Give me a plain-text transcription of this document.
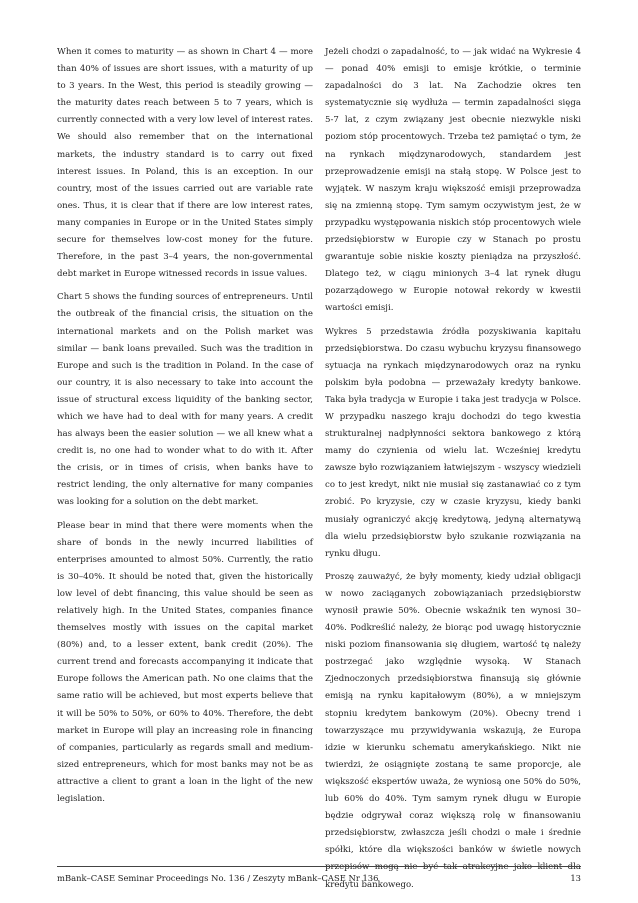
When it comes to maturity — as shown in Chart 4 — more than 40% of issues are short issues, with a maturity of up to 3 years. In the West, this period is steadily growing — the maturity dates reach between 5 to 7 years, which is currently connected with a very low level of interest rates. We should also remember that on the international markets, the industry standard is to carry out fixed interest issues. In Poland, this is an exception. In our country, most of the issues carried out are variable rate ones. Thus, it is clear that if there are low interest rates, many companies in Europe or in the United States simply secure for themselves low-cost money for the future. Therefore, in the past 3–4 years, the non-governmental debt market in Europe witnessed records in issue values.

Chart 5 shows the funding sources of entrepreneurs. Until the outbreak of the financial crisis, the situation on the international markets and on the Polish market was similar — bank loans prevailed. Such was the tradition in Europe and such is the tradition in Poland. In the case of our country, it is also necessary to take into account the issue of structural excess liquidity of the banking sector, which we have had to deal with for many years. A credit has always been the easier solution — we all knew what a credit is, no one had to wonder what to do with it. After the crisis, or in times of crisis, when banks have to restrict lending, the only alternative for many companies was looking for a solution on the debt market.

Please bear in mind that there were moments when the share of bonds in the newly incurred liabilities of enterprises amounted to almost 50%. Currently, the ratio is 30–40%. It should be noted that, given the historically low level of debt financing, this value should be seen as relatively high. In the United States, companies finance themselves mostly with issues on the capital market (80%) and, to a lesser extent, bank credit (20%). The current trend and forecasts accompanying it indicate that Europe follows the American path. No one claims that the same ratio will be achieved, but most experts believe that it will be 50% to 50%, or 60% to 40%. Therefore, the debt market in Europe will play an increasing role in financing of companies, particularly as regards small and medium-sized entrepreneurs, which for most banks may not be as attractive a client to grant a loan in the light of the new legislation.

Jeżeli chodzi o zapadalność, to — jak widać na Wykresie 4 — ponad 40% emisji to emisje krótkie, o terminie zapadalności do 3 lat. Na Zachodzie okres ten systematycznie się wydłuża — termin zapadalności sięga 5-7 lat, z czym związany jest obecnie niezwykle niski poziom stóp procentowych. Trzeba też pamiętać o tym, że na rynkach międzynarodowych, standardem jest przeprowadzenie emisji na stałą stopę. W Polsce jest to wyjątek. W naszym kraju większość emisji przeprowadza się na zmienną stopę. Tym samym oczywistym jest, że w przypadku występowania niskich stóp procentowych wiele przedsiębiorstw w Europie czy w Stanach po prostu gwarantuje sobie niskie koszty pieniądza na przyszłość. Dlatego też, w ciągu minionych 3–4 lat rynek długu pozarządowego w Europie notował rekordy w kwestii wartości emisji.

Wykres 5 przedstawia źródła pozyskiwania kapitału przedsiębiorstwa. Do czasu wybuchu kryzysu finansowego sytuacja na rynkach międzynarodowych oraz na rynku polskim była podobna — przeważały kredyty bankowe. Taka była tradycja w Europie i taka jest tradycja w Polsce. W przypadku naszego kraju dochodzi do tego kwestia strukturalnej nadpłynności sektora bankowego z którą mamy do czynienia od wielu lat. Wcześniej kredytu zawsze było rozwiązaniem łatwiejszym - wszyscy wiedzieli co to jest kredyt, nikt nie musiał się zastanawiać co z tym zrobić. Po kryzysie, czy w czasie kryzysu, kiedy banki musiały ograniczyć akcję kredytową, jedyną alternatywą dla wielu przedsiębiorstw było szukanie rozwiązania na rynku długu.

Proszę zauważyć, że były momenty, kiedy udział obligacji w nowo zaciąganych zobowiązaniach przedsiębiorstw wynosił prawie 50%. Obecnie wskaźnik ten wynosi 30–40%. Podkreślić należy, że biorąc pod uwagę historycznie niski poziom finansowania się długiem, wartość tę należy postrzegać jako względnie wysoką. W Stanach Zjednoczonych przedsiębiorstwa finansują się głównie emisją na rynku kapitałowym (80%), a w mniejszym stopniu kredytem bankowym (20%). Obecny trend i towarzyszące mu przywidywania wskazują, że Europa idzie w kierunku schematu amerykańskiego. Nikt nie twierdzi, że osiągnięte zostaną te same proporcje, ale większość ekspertów uważa, że wyniosą one 50% do 50%, lub 60% do 40%. Tym samym rynek długu w Europie będzie odgrywał coraz większą rolę w finansowaniu przedsiębiorstw, zwłaszcza jeśli chodzi o małe i średnie spółki, które dla większości banków w świetle nowych przepisów mogą nie być tak atrakcyjne jako klient dla kredytu bankowego.

mBank–CASE Seminar Proceedings No. 136 / Zeszyty mBank–CASE Nr 136	13
